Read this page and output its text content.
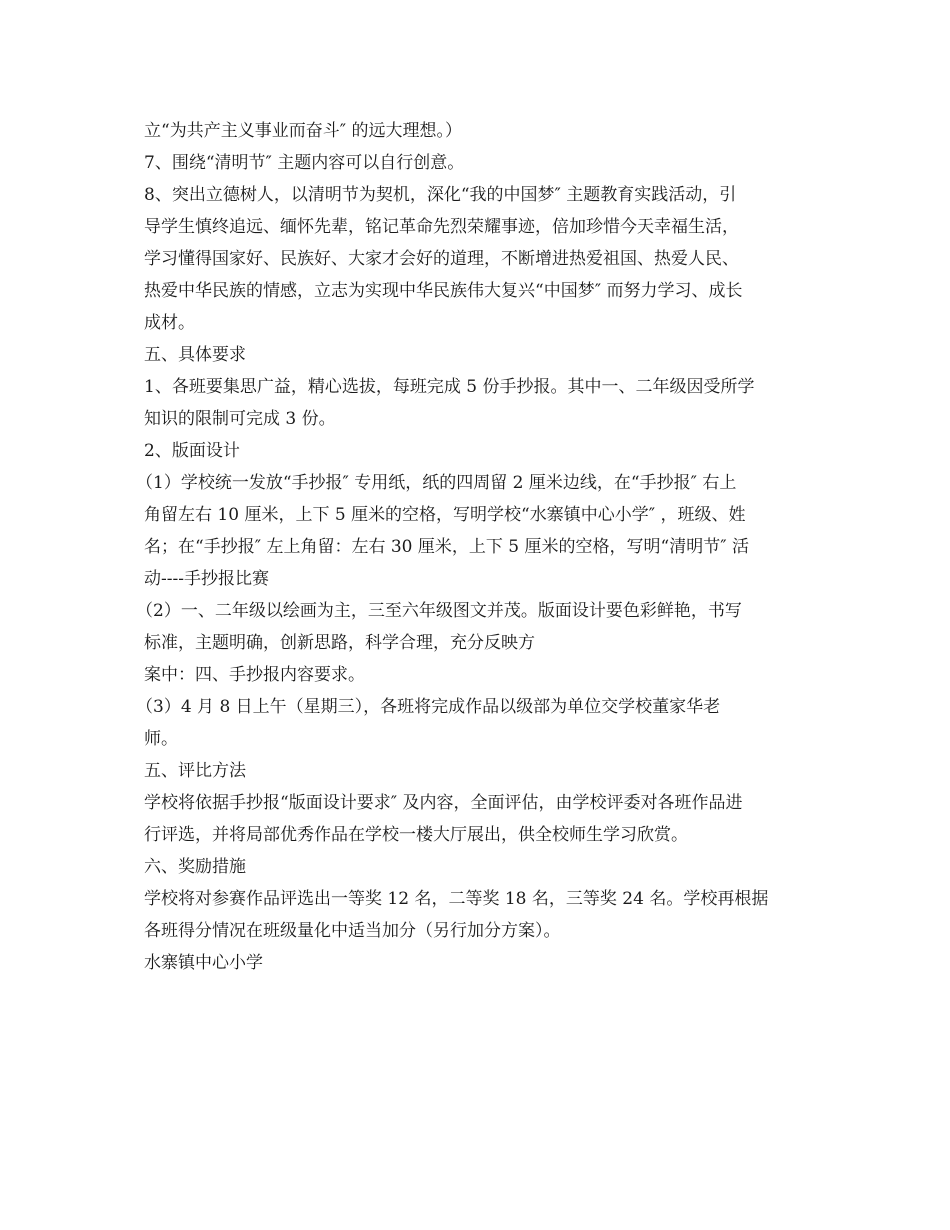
立“为共产主义事业而奋斗″ 的远大理想。）
7、围绕“清明节″ 主题内容可以自行创意。
8、突出立德树人，以清明节为契机，深化“我的中国梦″ 主题教育实践活动，引
导学生慎终追远、缅怀先辈，铭记革命先烈荣耀事迹，倍加珍惜今天幸福生活，
学习懂得国家好、民族好、大家才会好的道理，不断增进热爱祖国、热爱人民、
热爱中华民族的情感，立志为实现中华民族伟大复兴“中国梦″ 而努力学习、成长
成材。
五、具体要求
1、各班要集思广益，精心选拔，每班完成 5 份手抄报。其中一、二年级因受所学
知识的限制可完成 3 份。
2、版面设计
（1）学校统一发放“手抄报″ 专用纸，纸的四周留 2 厘米边线，在“手抄报″ 右上
角留左右 10 厘米，上下 5 厘米的空格，写明学校“水寨镇中心小学″ ，班级、姓
名；在“手抄报″ 左上角留：左右 30 厘米，上下 5 厘米的空格，写明“清明节″ 活
动----手抄报比赛
（2）一、二年级以绘画为主，三至六年级图文并茂。版面设计要色彩鲜艳，书写
标准，主题明确，创新思路，科学合理，充分反映方
案中：四、手抄报内容要求。
（3）4 月 8 日上午（星期三），各班将完成作品以级部为单位交学校董家华老
师。
五、评比方法
学校将依据手抄报“版面设计要求″ 及内容，全面评估，由学校评委对各班作品进
行评选，并将局部优秀作品在学校一楼大厅展出，供全校师生学习欣赏。
六、奖励措施
学校将对参赛作品评选出一等奖 12 名，二等奖 18 名，三等奖 24 名。学校再根据
各班得分情况在班级量化中适当加分（另行加分方案）。
水寨镇中心小学
